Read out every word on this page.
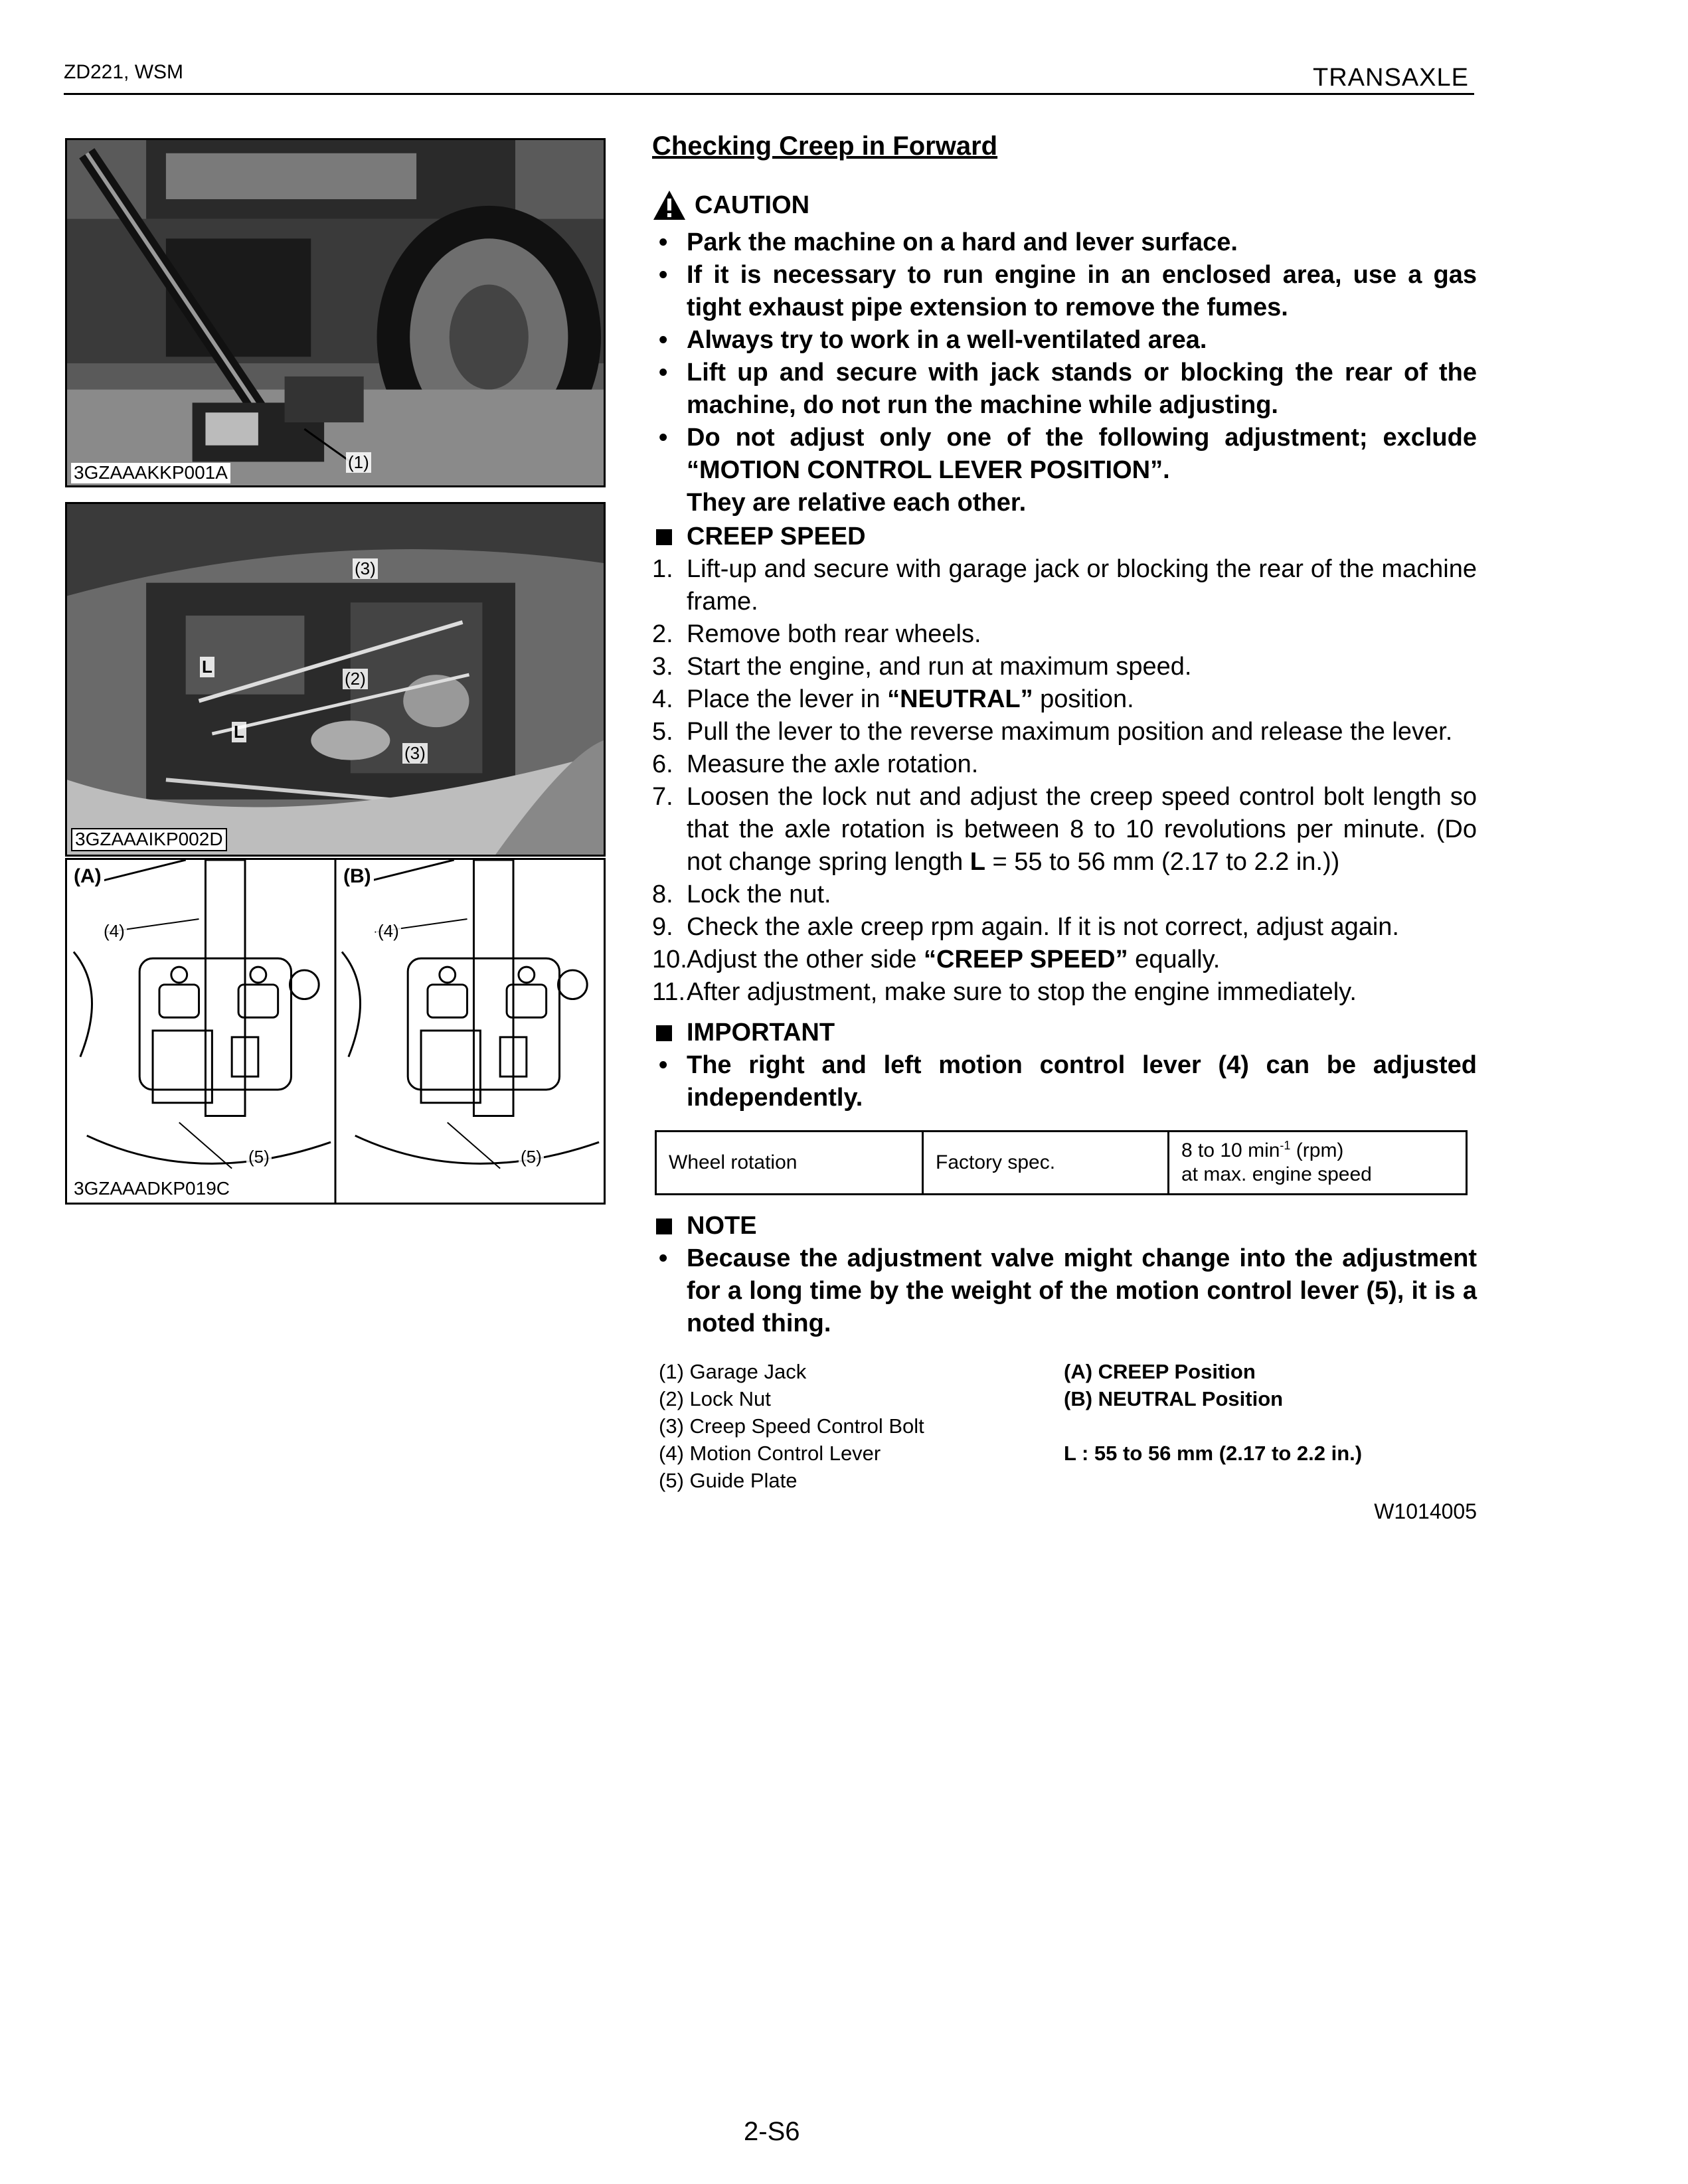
ZD221, WSM	TRANSAXLE
(1)
3GZAAAKKP001A
(3)
(2)
(3)
L
L
3GZAAAIKP002D
(A)	(B)
(4)
(5)
(4)
(5)
3GZAAADKP019C
Checking Creep in Forward
CAUTION
• Park the machine on a hard and lever surface.
• If it is necessary to run engine in an enclosed area, use a gas tight exhaust pipe extension to remove the fumes.
• Always try to work in a well-ventilated area.
• Lift up and secure with jack stands or blocking the rear of the machine, do not run the machine while adjusting.
• Do not adjust only one of the following adjustment; exclude “MOTION CONTROL LEVER POSITION”.
They are relative each other.
CREEP SPEED
1. Lift-up and secure with garage jack or blocking the rear of the machine frame.
2. Remove both rear wheels.
3. Start the engine, and run at maximum speed.
4. Place the lever in “NEUTRAL” position.
5. Pull the lever to the reverse maximum position and release the lever.
6. Measure the axle rotation.
7. Loosen the lock nut and adjust the creep speed control bolt length so that the axle rotation is between 8 to 10 revolutions per minute. (Do not change spring length L = 55 to 56 mm (2.17 to 2.2 in.))
8. Lock the nut.
9. Check the axle creep rpm again. If it is not correct, adjust again.
10. Adjust the other side “CREEP SPEED” equally.
11. After adjustment, make sure to stop the engine immediately.
IMPORTANT
• The right and left motion control lever (4) can be adjusted independently.
Wheel rotation	Factory spec.	8 to 10 $\min^{-1} (rpm)$
at max. engine speed
NOTE
• Because the adjustment valve might change into the adjustment for a long time by the weight of the motion control lever (5), it is a noted thing.
(1) Garage Jack
(2) Lock Nut
(3) Creep Speed Control Bolt
(4) Motion Control Lever
(5) Guide Plate
(A) CREEP Position
(B) NEUTRAL Position
L : 55 to 56 mm (2.17 to 2.2 in.)
W1014005
2-S6
